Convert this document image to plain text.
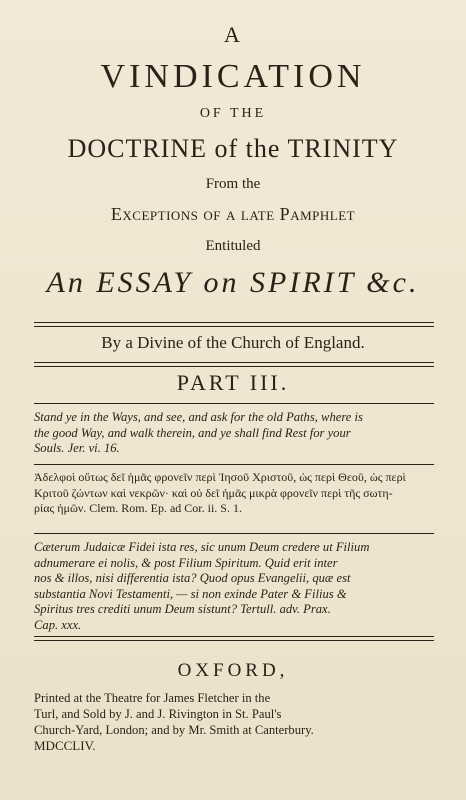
A
VINDICATION
OF THE
DOCTRINE of the TRINITY
From the
Exceptions of a late Pamphlet
Entituled
An ESSAY on SPIRIT &c.
By a Divine of the Church of England.
PART III.
Stand ye in the Ways, and see, and ask for the old Paths, where is
the good Way, and walk therein, and ye shall find Rest for your
Souls. Jer. vi. 16.
Ἀδελφοὶ οὕτως δεῖ ἡμᾶς φρονεῖν περὶ Ἰησοῦ Χριστοῦ, ὡς περὶ Θεοῦ, ὡς περὶ
Κριτοῦ ζώντων καὶ νεκρῶν· καὶ οὐ δεῖ ἡμᾶς μικρὰ φρονεῖν περὶ τῆς σωτη-
ρίας ἡμῶν. Clem. Rom. Ep. ad Cor. ii. S. 1.
Cæterum Judaicæ Fidei ista res, sic unum Deum credere ut Filium
adnumerare ei nolis, & post Filium Spiritum. Quid erit inter
nos & illos, nisi differentia ista? Quod opus Evangelii, quæ est
substantia Novi Testamenti, — si non exinde Pater & Filius &
Spiritus tres crediti unum Deum sistunt? Tertull. adv. Prax.
Cap. xxx.
OXFORD,
Printed at the Theatre for James Fletcher in the
Turl, and Sold by J. and J. Rivington in St. Paul's
Church-Yard, London; and by Mr. Smith at Canterbury.
MDCCLIV.
